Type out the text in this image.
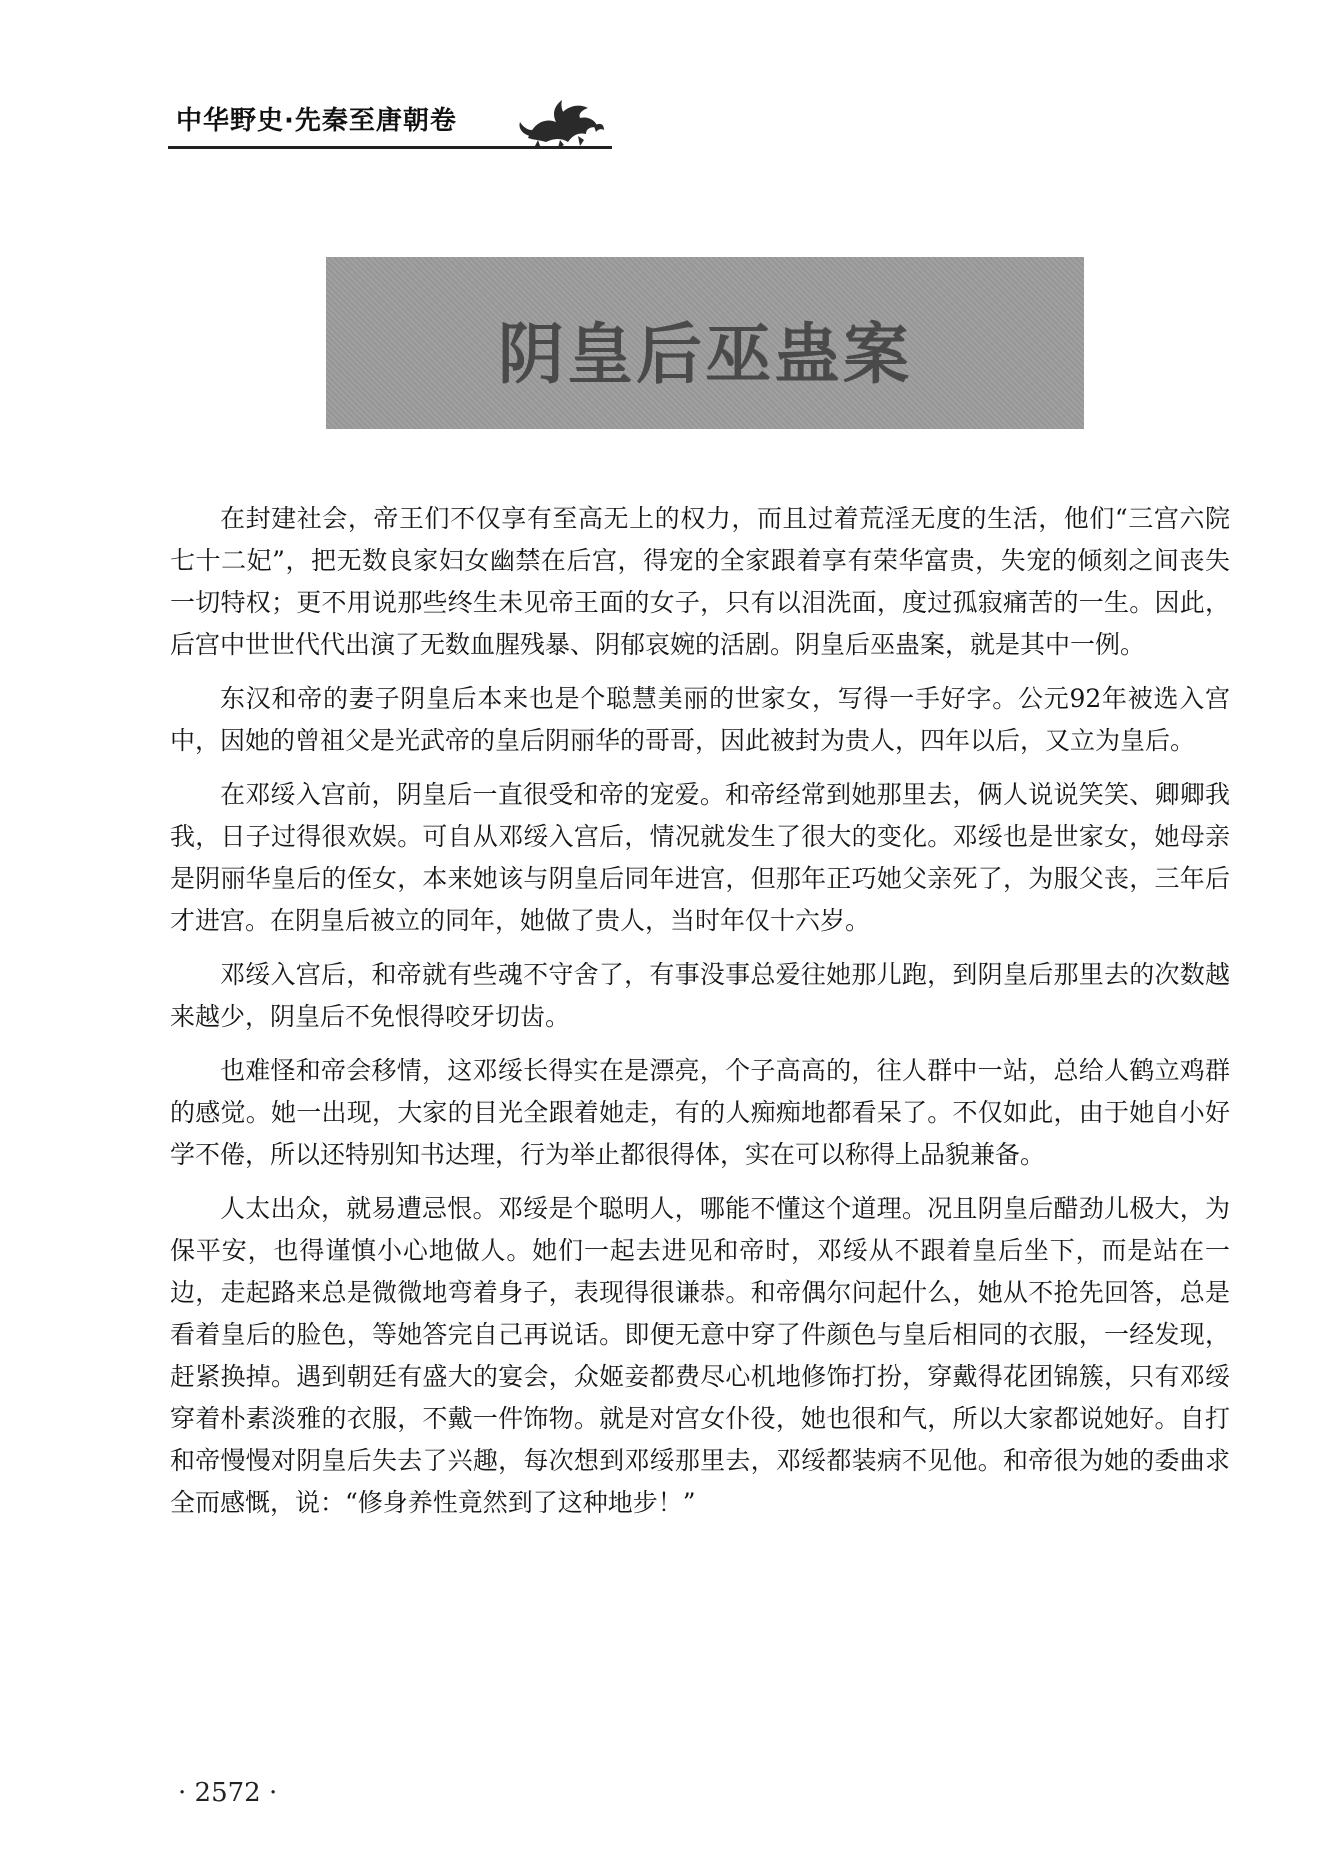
中华野史·先秦至唐朝卷
阴皇后巫蛊案

在封建社会，帝王们不仅享有至高无上的权力，而且过着荒淫无度的生活，他们“三宫六院七十二妃”，把无数良家妇女幽禁在后宫，得宠的全家跟着享有荣华富贵，失宠的倾刻之间丧失一切特权；更不用说那些终生未见帝王面的女子，只有以泪洗面，度过孤寂痛苦的一生。因此，后宫中世世代代出演了无数血腥残暴、阴郁哀婉的活剧。阴皇后巫蛊案，就是其中一例。

东汉和帝的妻子阴皇后本来也是个聪慧美丽的世家女，写得一手好字。公元92年被选入宫中，因她的曾祖父是光武帝的皇后阴丽华的哥哥，因此被封为贵人，四年以后，又立为皇后。

在邓绥入宫前，阴皇后一直很受和帝的宠爱。和帝经常到她那里去，俩人说说笑笑、卿卿我我，日子过得很欢娱。可自从邓绥入宫后，情况就发生了很大的变化。邓绥也是世家女，她母亲是阴丽华皇后的侄女，本来她该与阴皇后同年进宫，但那年正巧她父亲死了，为服父丧，三年后才进宫。在阴皇后被立的同年，她做了贵人，当时年仅十六岁。

邓绥入宫后，和帝就有些魂不守舍了，有事没事总爱往她那儿跑，到阴皇后那里去的次数越来越少，阴皇后不免恨得咬牙切齿。

也难怪和帝会移情，这邓绥长得实在是漂亮，个子高高的，往人群中一站，总给人鹤立鸡群的感觉。她一出现，大家的目光全跟着她走，有的人痴痴地都看呆了。不仅如此，由于她自小好学不倦，所以还特别知书达理，行为举止都很得体，实在可以称得上品貌兼备。

人太出众，就易遭忌恨。邓绥是个聪明人，哪能不懂这个道理。况且阴皇后醋劲儿极大，为保平安，也得谨慎小心地做人。她们一起去进见和帝时，邓绥从不跟着皇后坐下，而是站在一边，走起路来总是微微地弯着身子，表现得很谦恭。和帝偶尔问起什么，她从不抢先回答，总是看着皇后的脸色，等她答完自己再说话。即便无意中穿了件颜色与皇后相同的衣服，一经发现，赶紧换掉。遇到朝廷有盛大的宴会，众姬妾都费尽心机地修饰打扮，穿戴得花团锦簇，只有邓绥穿着朴素淡雅的衣服，不戴一件饰物。就是对宫女仆役，她也很和气，所以大家都说她好。自打和帝慢慢对阴皇后失去了兴趣，每次想到邓绥那里去，邓绥都装病不见他。和帝很为她的委曲求全而感慨，说：“修身养性竟然到了这种地步！”

· 2572 ·
